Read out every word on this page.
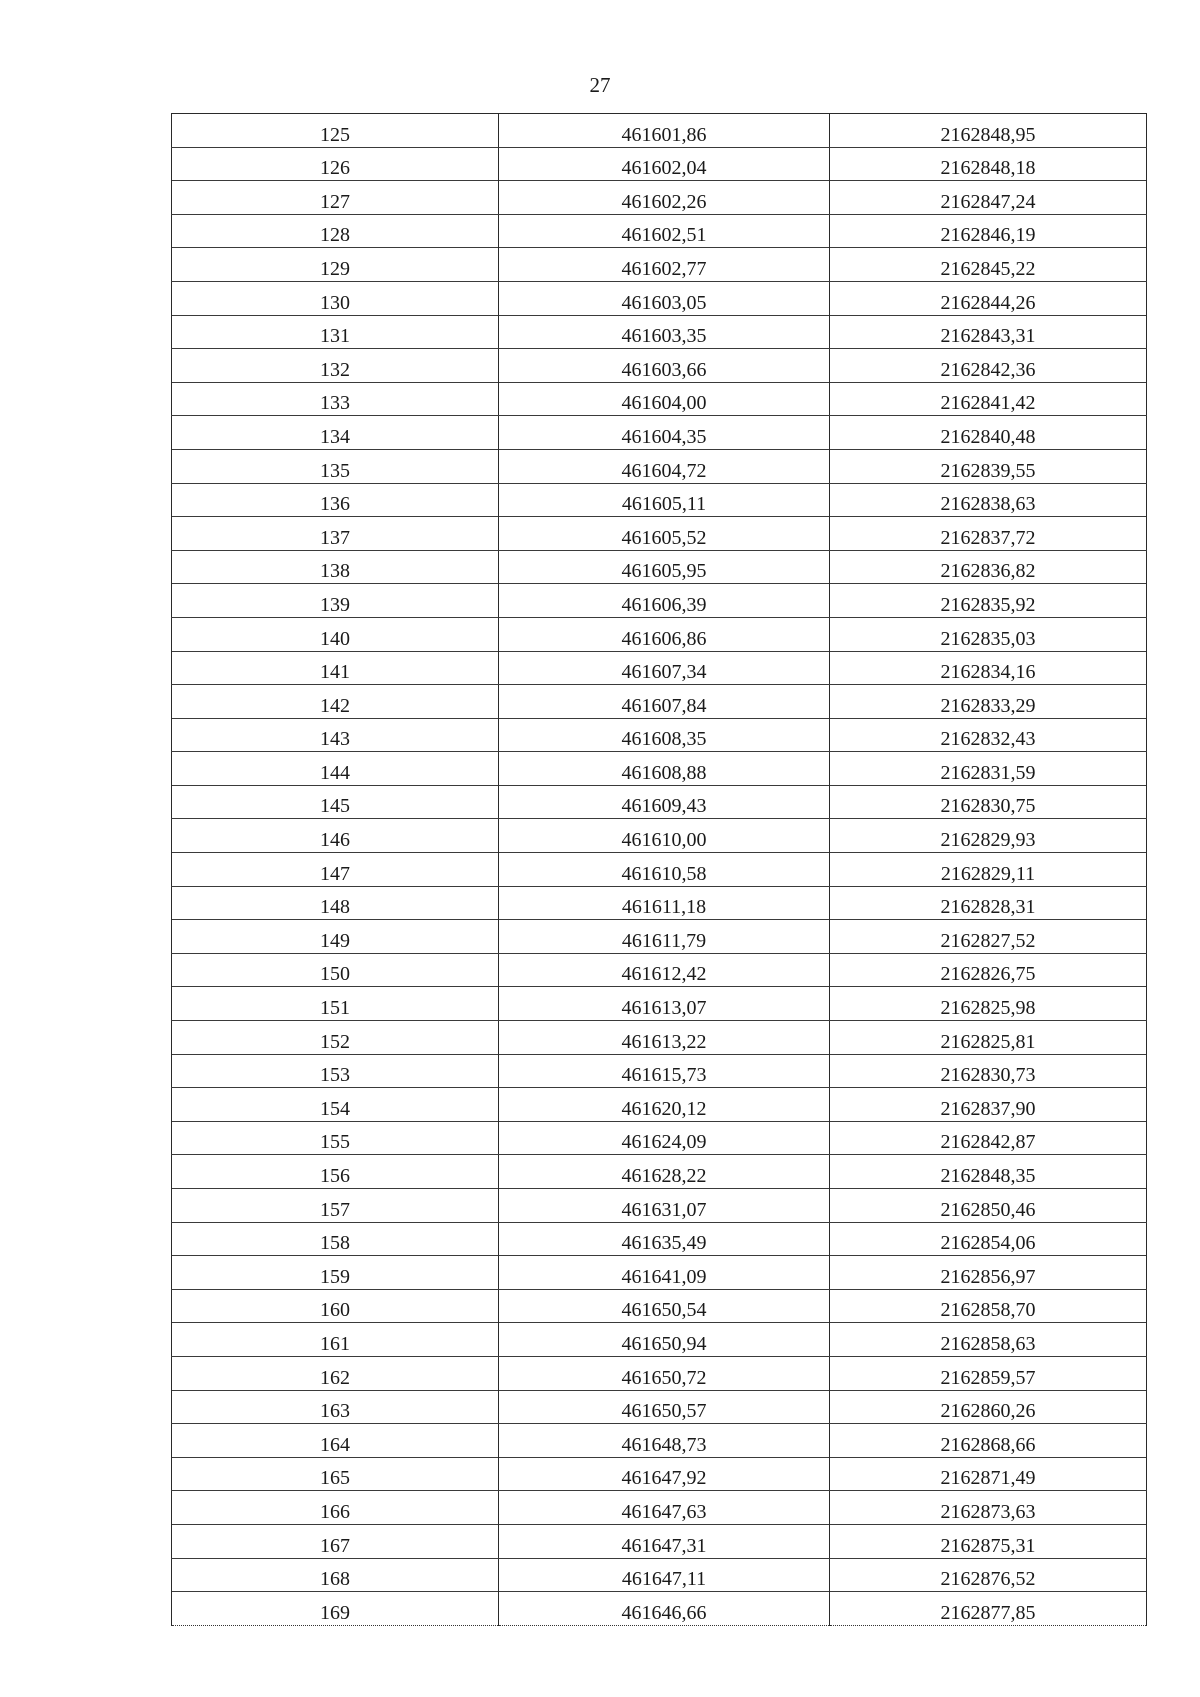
27
125	461601,86	2162848,95
126	461602,04	2162848,18
127	461602,26	2162847,24
128	461602,51	2162846,19
129	461602,77	2162845,22
130	461603,05	2162844,26
131	461603,35	2162843,31
132	461603,66	2162842,36
133	461604,00	2162841,42
134	461604,35	2162840,48
135	461604,72	2162839,55
136	461605,11	2162838,63
137	461605,52	2162837,72
138	461605,95	2162836,82
139	461606,39	2162835,92
140	461606,86	2162835,03
141	461607,34	2162834,16
142	461607,84	2162833,29
143	461608,35	2162832,43
144	461608,88	2162831,59
145	461609,43	2162830,75
146	461610,00	2162829,93
147	461610,58	2162829,11
148	461611,18	2162828,31
149	461611,79	2162827,52
150	461612,42	2162826,75
151	461613,07	2162825,98
152	461613,22	2162825,81
153	461615,73	2162830,73
154	461620,12	2162837,90
155	461624,09	2162842,87
156	461628,22	2162848,35
157	461631,07	2162850,46
158	461635,49	2162854,06
159	461641,09	2162856,97
160	461650,54	2162858,70
161	461650,94	2162858,63
162	461650,72	2162859,57
163	461650,57	2162860,26
164	461648,73	2162868,66
165	461647,92	2162871,49
166	461647,63	2162873,63
167	461647,31	2162875,31
168	461647,11	2162876,52
169	461646,66	2162877,85
